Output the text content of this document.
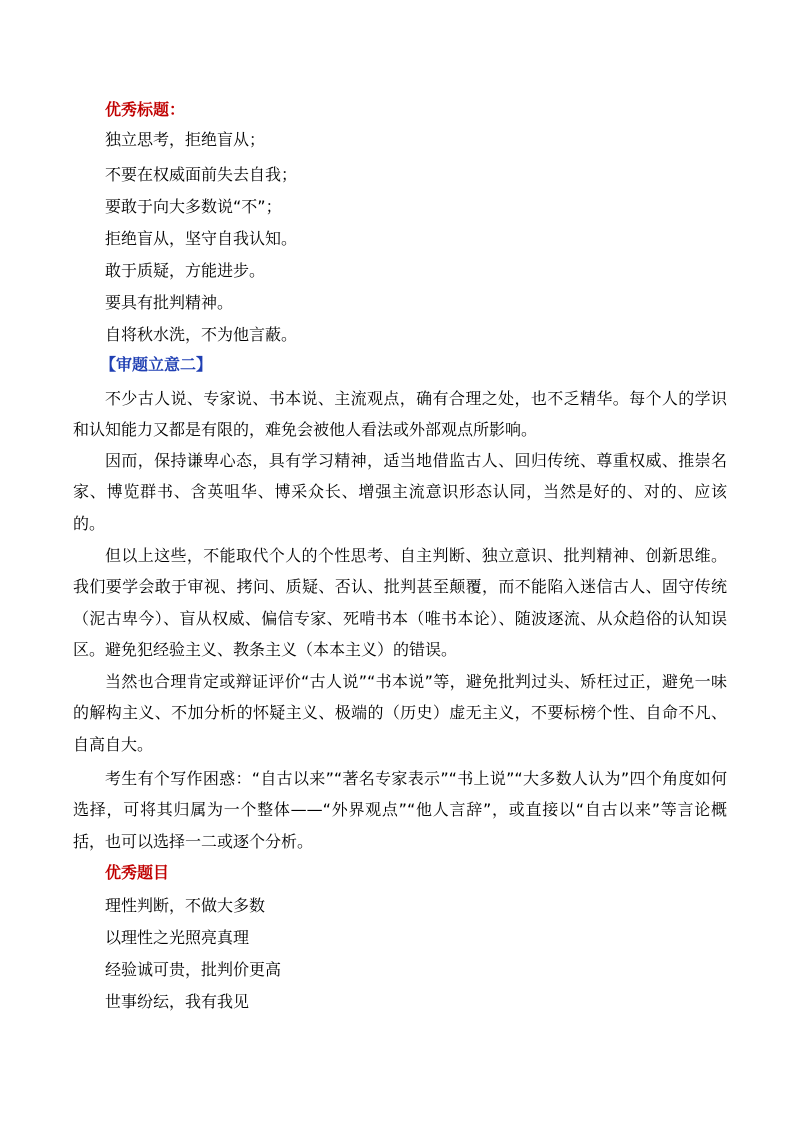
优秀标题：
独立思考，拒绝盲从；
不要在权威面前失去自我；
要敢于向大多数说“不”；
拒绝盲从，坚守自我认知。
敢于质疑，方能进步。
要具有批判精神。
自将秋水洗，不为他言蔽。
【审题立意二】
不少古人说、专家说、书本说、主流观点，确有合理之处，也不乏精华。每个人的学识和认知能力又都是有限的，难免会被他人看法或外部观点所影响。
因而，保持谦卑心态，具有学习精神，适当地借监古人、回归传统、尊重权威、推崇名家、博览群书、含英咀华、博采众长、增强主流意识形态认同，当然是好的、对的、应该的。
但以上这些，不能取代个人的个性思考、自主判断、独立意识、批判精神、创新思维。我们要学会敢于审视、拷问、质疑、否认、批判甚至颠覆，而不能陷入迷信古人、固守传统（泥古卑今）、盲从权威、偏信专家、死啃书本（唯书本论）、随波逐流、从众趋俗的认知误区。避免犯经验主义、教条主义（本本主义）的错误。
当然也合理肯定或辩证评价“古人说”“书本说”等，避免批判过头、矫枉过正，避免一味的解构主义、不加分析的怀疑主义、极端的（历史）虚无主义，不要标榜个性、自命不凡、自高自大。
考生有个写作困惑：“自古以来”“著名专家表示”“书上说”“大多数人认为”四个角度如何选择，可将其归属为一个整体——“外界观点”“他人言辞”，或直接以“自古以来”等言论概括，也可以选择一二或逐个分析。
优秀题目
理性判断，不做大多数
以理性之光照亮真理
经验诚可贵，批判价更高
世事纷纭，我有我见
